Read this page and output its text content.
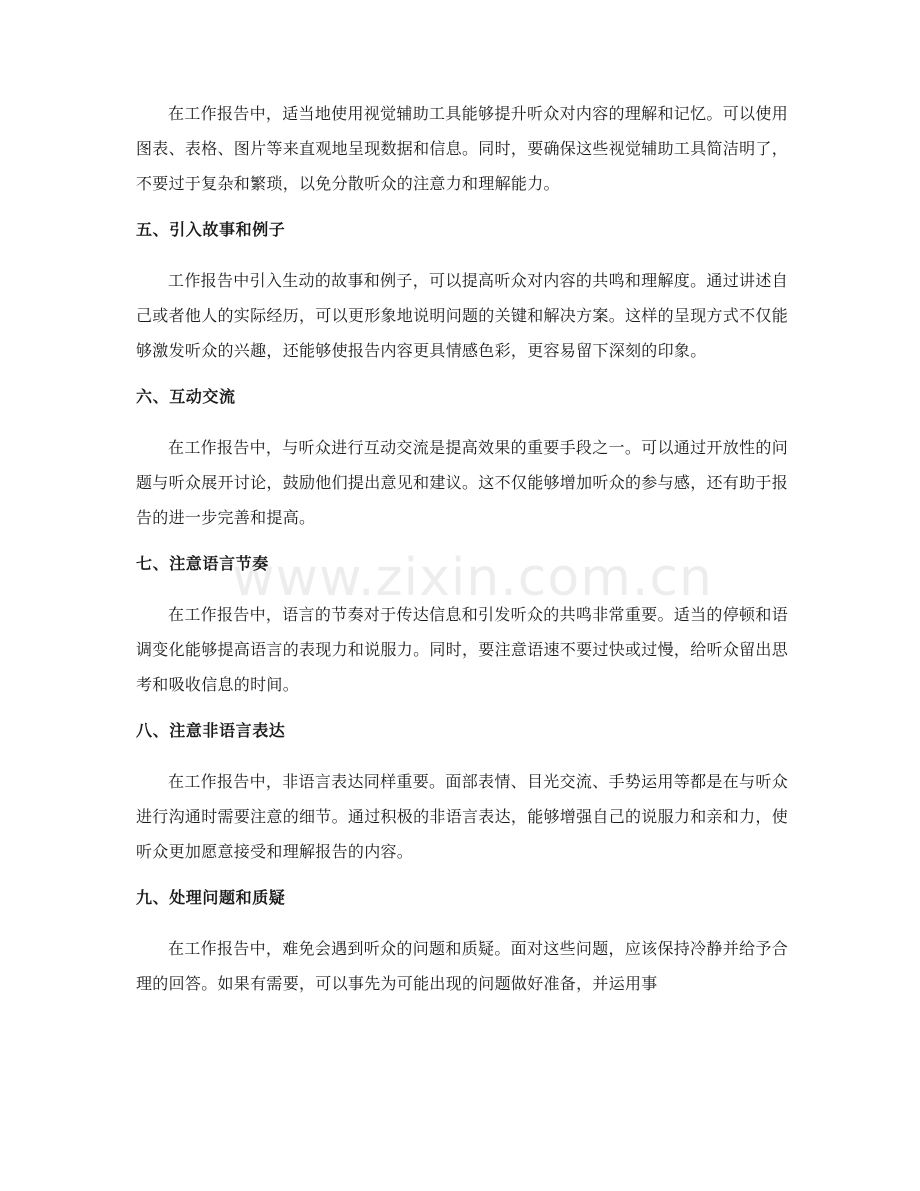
在工作报告中，适当地使用视觉辅助工具能够提升听众对内容的理解和记忆。可以使用图表、表格、图片等来直观地呈现数据和信息。同时，要确保这些视觉辅助工具简洁明了，不要过于复杂和繁琐，以免分散听众的注意力和理解能力。

五、引入故事和例子

工作报告中引入生动的故事和例子，可以提高听众对内容的共鸣和理解度。通过讲述自己或者他人的实际经历，可以更形象地说明问题的关键和解决方案。这样的呈现方式不仅能够激发听众的兴趣，还能够使报告内容更具情感色彩，更容易留下深刻的印象。

六、互动交流

在工作报告中，与听众进行互动交流是提高效果的重要手段之一。可以通过开放性的问题与听众展开讨论，鼓励他们提出意见和建议。这不仅能够增加听众的参与感，还有助于报告的进一步完善和提高。

七、注意语言节奏

在工作报告中，语言的节奏对于传达信息和引发听众的共鸣非常重要。适当的停顿和语调变化能够提高语言的表现力和说服力。同时，要注意语速不要过快或过慢，给听众留出思考和吸收信息的时间。

八、注意非语言表达

在工作报告中，非语言表达同样重要。面部表情、目光交流、手势运用等都是在与听众进行沟通时需要注意的细节。通过积极的非语言表达，能够增强自己的说服力和亲和力，使听众更加愿意接受和理解报告的内容。

九、处理问题和质疑

在工作报告中，难免会遇到听众的问题和质疑。面对这些问题，应该保持冷静并给予合理的回答。如果有需要，可以事先为可能出现的问题做好准备，并运用事

www.zixin.com.cn
